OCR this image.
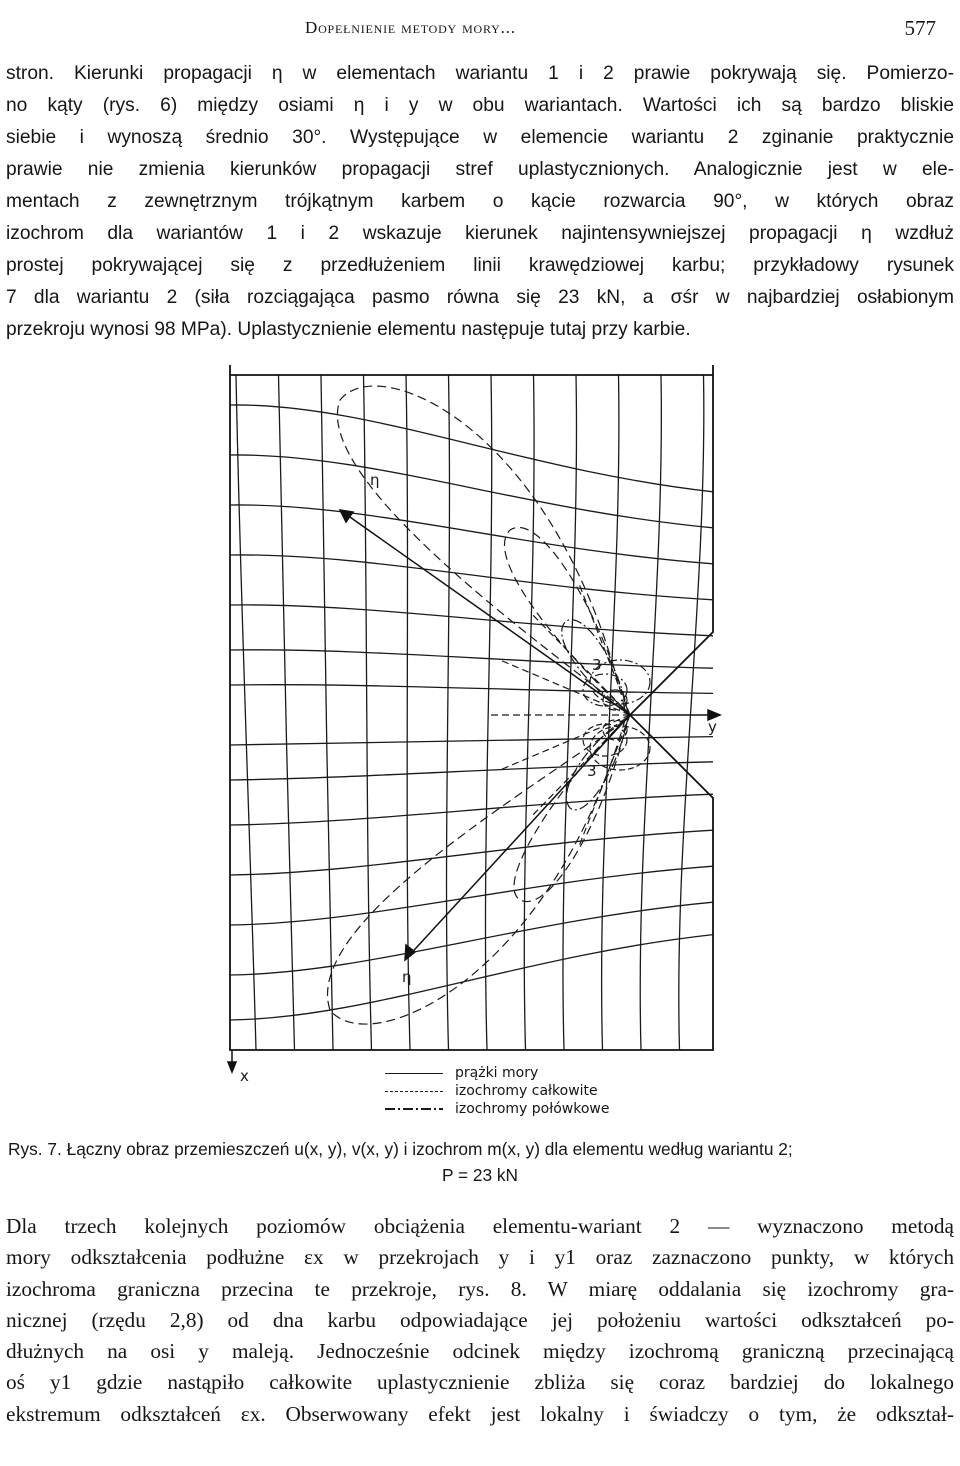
Dopełnienie metody mory...	577
stron. Kierunki propagacji η w elementach wariantu 1 i 2 prawie pokrywają się. Pomierzo-
no kąty (rys. 6) między osiami η i y w obu wariantach. Wartości ich są bardzo bliskie
siebie i wynoszą średnio 30°. Występujące w elemencie wariantu 2 zginanie praktycznie
prawie nie zmienia kierunków propagacji stref uplastycznionych. Analogicznie jest w ele-
mentach z zewnętrznym trójkątnym karbem o kącie rozwarcia 90°, w których obraz
izochrom dla wariantów 1 i 2 wskazuje kierunek najintensywniejszej propagacji η wzdłuż
prostej pokrywającej się z przedłużeniem linii krawędziowej karbu; przykładowy rysunek
7 dla wariantu 2 (siła rozciągająca pasmo równa się 23 kN, a σśr w najbardziej osłabionym
przekroju wynosi 98 MPa). Uplastycznienie elementu następuje tutaj przy karbie.
η
η
y
x
3
3
prążki mory
izochromy całkowite
izochromy połówkowe
Rys. 7. Łączny obraz przemieszczeń u(x, y), v(x, y) i izochrom m(x, y) dla elementu według wariantu 2;
P = 23 kN
Dla trzech kolejnych poziomów obciążenia elementu-wariant 2 — wyznaczono metodą
mory odkształcenia podłużne εx w przekrojach y i y1 oraz zaznaczono punkty, w których
izochroma graniczna przecina te przekroje, rys. 8. W miarę oddalania się izochromy gra-
nicznej (rzędu 2,8) od dna karbu odpowiadające jej położeniu wartości odkształceń po-
dłużnych na osi y maleją. Jednocześnie odcinek między izochromą graniczną przecinającą
oś y1 gdzie nastąpiło całkowite uplastycznienie zbliża się coraz bardziej do lokalnego
ekstremum odkształceń εx. Obserwowany efekt jest lokalny i świadczy o tym, że odkształ-
